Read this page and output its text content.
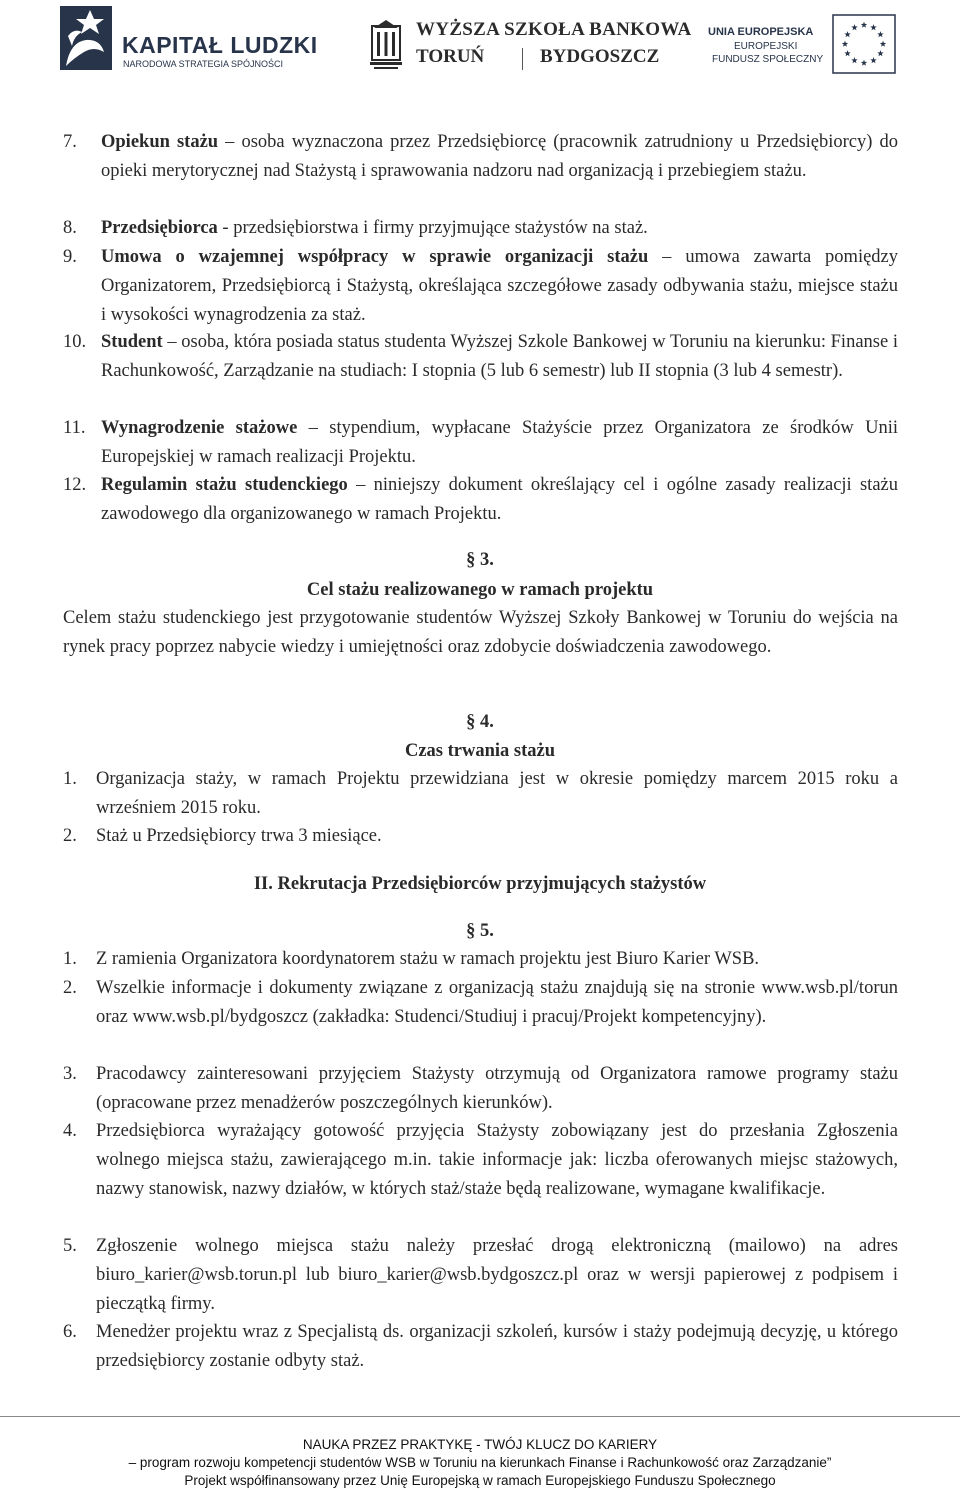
KAPITAŁ LUDZKI
NARODOWA STRATEGIA SPÓJNOŚCI
WYŻSZA SZKOŁA BANKOWA
TORUŃ	BYDGOSZCZ
UNIA EUROPEJSKA
EUROPEJSKI
FUNDUSZ SPOŁECZNY
7.	Opiekun stażu – osoba wyznaczona przez Przedsiębiorcę (pracownik zatrudniony u Przedsiębiorcy) do opieki merytorycznej nad Stażystą i sprawowania nadzoru nad organizacją i przebiegiem stażu.
8.	Przedsiębiorca - przedsiębiorstwa i firmy przyjmujące stażystów na staż.
9.	Umowa o wzajemnej współpracy w sprawie organizacji stażu – umowa zawarta pomiędzy Organizatorem, Przedsiębiorcą i Stażystą, określająca szczegółowe zasady odbywania stażu, miejsce stażu i wysokości wynagrodzenia za staż.
10. Student – osoba, która posiada status studenta Wyższej Szkole Bankowej w Toruniu na kierunku: Finanse i Rachunkowość, Zarządzanie na studiach: I stopnia (5 lub 6 semestr) lub II stopnia (3 lub 4 semestr).
11. Wynagrodzenie stażowe – stypendium, wypłacane Stażyście przez Organizatora ze środków Unii Europejskiej w ramach realizacji Projektu.
12. Regulamin stażu studenckiego – niniejszy dokument określający cel i ogólne zasady realizacji stażu zawodowego dla organizowanego w ramach Projektu.
§ 3.
Cel stażu realizowanego w ramach projektu
Celem stażu studenckiego jest przygotowanie studentów Wyższej Szkoły Bankowej w Toruniu do wejścia na rynek pracy poprzez nabycie wiedzy i umiejętności oraz zdobycie doświadczenia zawodowego.
§ 4.
Czas trwania stażu
1.	Organizacja staży, w ramach Projektu przewidziana jest w okresie pomiędzy marcem 2015 roku a wrześniem 2015 roku.
2.	Staż u Przedsiębiorcy trwa 3 miesiące.
II. Rekrutacja Przedsiębiorców przyjmujących stażystów
§ 5.
1.	Z ramienia Organizatora koordynatorem stażu w ramach projektu jest Biuro Karier WSB.
2.	Wszelkie informacje i dokumenty związane z organizacją stażu znajdują się na stronie www.wsb.pl/torun oraz www.wsb.pl/bydgoszcz (zakładka: Studenci/Studiuj i pracuj/Projekt kompetencyjny).
3.	Pracodawcy zainteresowani przyjęciem Stażysty otrzymują od Organizatora ramowe programy stażu (opracowane przez menadżerów poszczególnych kierunków).
4.	Przedsiębiorca wyrażający gotowość przyjęcia Stażysty zobowiązany jest do przesłania Zgłoszenia wolnego miejsca stażu, zawierającego m.in. takie informacje jak: liczba oferowanych miejsc stażowych, nazwy stanowisk, nazwy działów, w których staż/staże będą realizowane, wymagane kwalifikacje.
5.	Zgłoszenie wolnego miejsca stażu należy przesłać drogą elektroniczną (mailowo) na adres biuro_karier@wsb.torun.pl lub biuro_karier@wsb.bydgoszcz.pl oraz w wersji papierowej z podpisem i pieczątką firmy.
6.	Menedżer projektu wraz z Specjalistą ds. organizacji szkoleń, kursów i staży podejmują decyzję, u którego przedsiębiorcy zostanie odbyty staż.
NAUKA PRZEZ PRAKTYKĘ - TWÓJ KLUCZ DO KARIERY
– program rozwoju kompetencji studentów WSB w Toruniu na kierunkach Finanse i Rachunkowość oraz Zarządzanie”
Projekt współfinansowany przez Unię Europejską w ramach Europejskiego Funduszu Społecznego
